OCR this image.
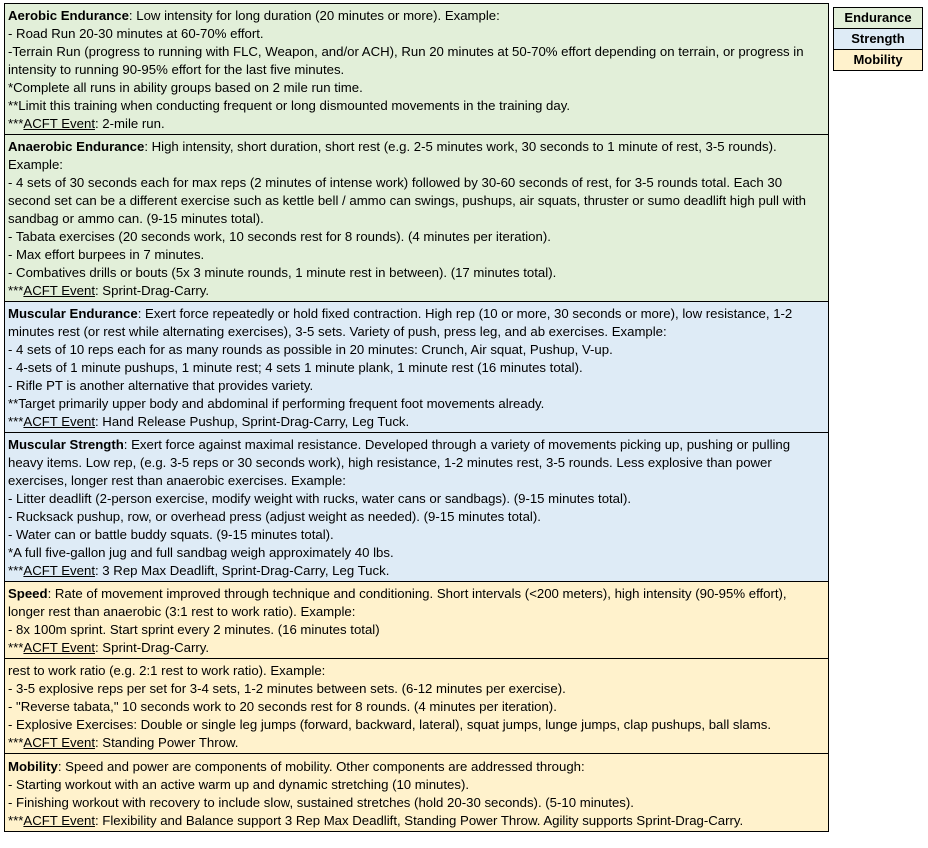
Aerobic Endurance: Low intensity for long duration (20 minutes or more). Example:
- Road Run 20-30 minutes at 60-70% effort.
-Terrain Run (progress to running with FLC, Weapon, and/or ACH), Run 20 minutes at 50-70% effort depending on terrain, or progress in intensity to running 90-95% effort for the last five minutes.
*Complete all runs in ability groups based on 2 mile run time.
**Limit this training when conducting frequent or long dismounted movements in the training day.
***ACFT Event: 2-mile run.
Anaerobic Endurance: High intensity, short duration, short rest (e.g. 2-5 minutes work, 30 seconds to 1 minute of rest, 3-5 rounds). Example:
- 4 sets of 30 seconds each for max reps (2 minutes of intense work) followed by 30-60 seconds of rest, for 3-5 rounds total. Each 30 second set can be a different exercise such as kettle bell / ammo can swings, pushups, air squats, thruster or sumo deadlift high pull with sandbag or ammo can. (9-15 minutes total).
- Tabata exercises (20 seconds work, 10 seconds rest for 8 rounds). (4 minutes per iteration).
- Max effort burpees in 7 minutes.
- Combatives drills or bouts (5x 3 minute rounds, 1 minute rest in between). (17 minutes total).
***ACFT Event: Sprint-Drag-Carry.
Muscular Endurance: Exert force repeatedly or hold fixed contraction. High rep (10 or more, 30 seconds or more), low resistance, 1-2 minutes rest (or rest while alternating exercises), 3-5 sets. Variety of push, press leg, and ab exercises. Example:
- 4 sets of 10 reps each for as many rounds as possible in 20 minutes: Crunch, Air squat, Pushup, V-up.
- 4-sets of 1 minute pushups, 1 minute rest; 4 sets 1 minute plank, 1 minute rest (16 minutes total).
- Rifle PT is another alternative that provides variety.
**Target primarily upper body and abdominal if performing frequent foot movements already.
***ACFT Event: Hand Release Pushup, Sprint-Drag-Carry, Leg Tuck.
Muscular Strength: Exert force against maximal resistance. Developed through a variety of movements picking up, pushing or pulling heavy items. Low rep, (e.g. 3-5 reps or 30 seconds work), high resistance, 1-2 minutes rest, 3-5 rounds. Less explosive than power exercises, longer rest than anaerobic exercises. Example:
- Litter deadlift (2-person exercise, modify weight with rucks, water cans or sandbags). (9-15 minutes total).
- Rucksack pushup, row, or overhead press (adjust weight as needed). (9-15 minutes total).
- Water can or battle buddy squats. (9-15 minutes total).
*A full five-gallon jug and full sandbag weigh approximately 40 lbs.
***ACFT Event: 3 Rep Max Deadlift, Sprint-Drag-Carry, Leg Tuck.
Speed: Rate of movement improved through technique and conditioning. Short intervals (<200 meters), high intensity (90-95% effort), longer rest than anaerobic (3:1 rest to work ratio). Example:
- 8x 100m sprint. Start sprint every 2 minutes. (16 minutes total)
***ACFT Event: Sprint-Drag-Carry.
rest to work ratio (e.g. 2:1 rest to work ratio). Example:
- 3-5 explosive reps per set for 3-4 sets, 1-2 minutes between sets. (6-12 minutes per exercise).
- "Reverse tabata," 10 seconds work to 20 seconds rest for 8 rounds. (4 minutes per iteration).
- Explosive Exercises: Double or single leg jumps (forward, backward, lateral), squat jumps, lunge jumps, clap pushups, ball slams.
***ACFT Event: Standing Power Throw.
Mobility: Speed and power are components of mobility. Other components are addressed through:
- Starting workout with an active warm up and dynamic stretching (10 minutes).
- Finishing workout with recovery to include slow, sustained stretches (hold 20-30 seconds). (5-10 minutes).
***ACFT Event: Flexibility and Balance support 3 Rep Max Deadlift, Standing Power Throw. Agility supports Sprint-Drag-Carry.
Endurance
Strength
Mobility
